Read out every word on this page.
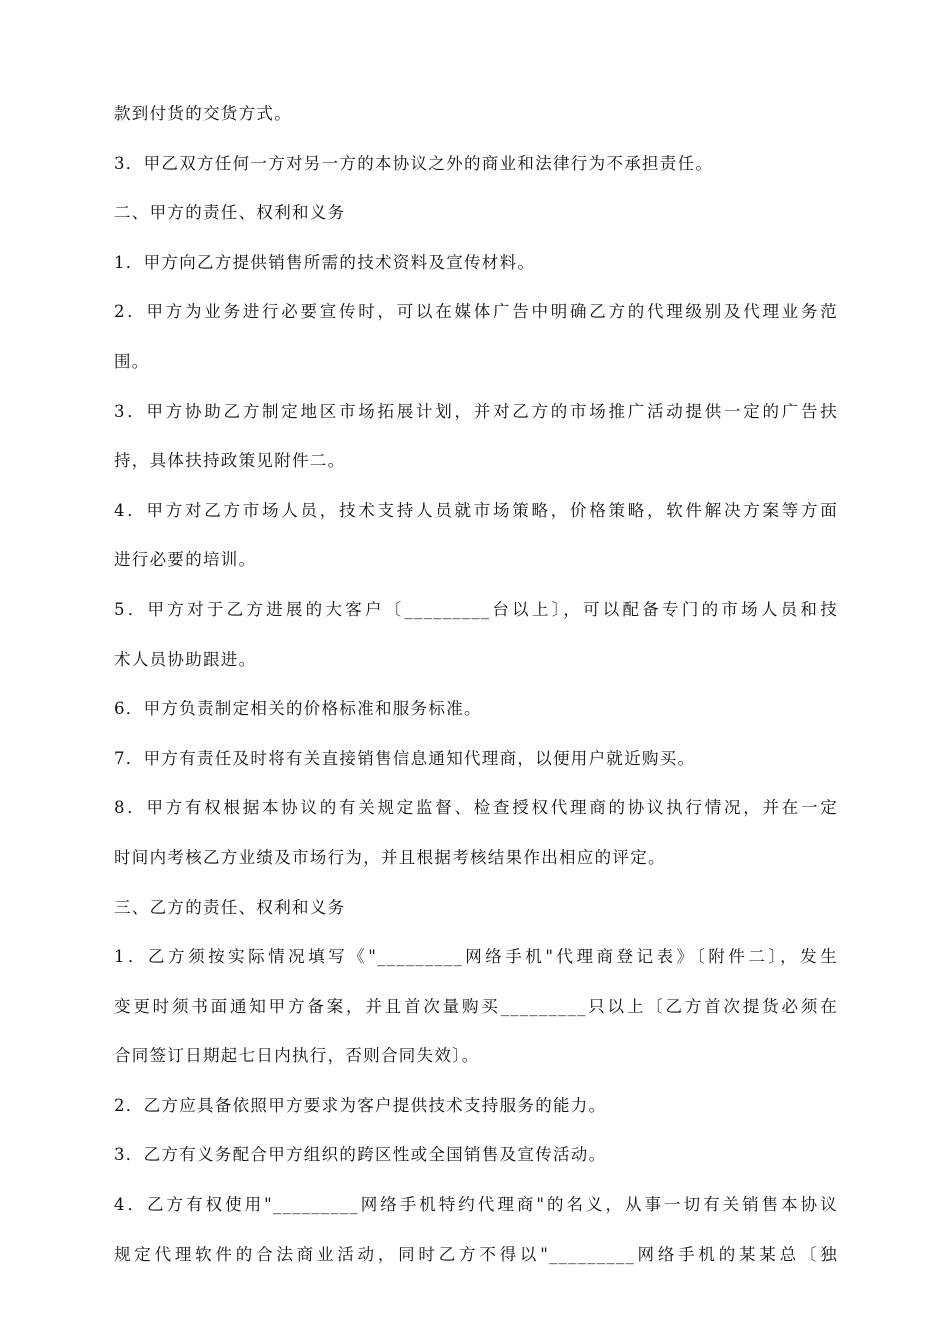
款到付货的交货方式。
3．甲乙双方任何一方对另一方的本协议之外的商业和法律行为不承担责任。
二、甲方的责任、权利和义务
1．甲方向乙方提供销售所需的技术资料及宣传材料。
2．甲方为业务进行必要宣传时，可以在媒体广告中明确乙方的代理级别及代理业务范
围。
3．甲方协助乙方制定地区市场拓展计划，并对乙方的市场推广活动提供一定的广告扶
持，具体扶持政策见附件二。
4．甲方对乙方市场人员，技术支持人员就市场策略，价格策略，软件解决方案等方面
进行必要的培训。
5．甲方对于乙方进展的大客户〔_________台以上〕，可以配备专门的市场人员和技
术人员协助跟进。
6．甲方负责制定相关的价格标准和服务标准。
7．甲方有责任及时将有关直接销售信息通知代理商，以便用户就近购买。
8．甲方有权根据本协议的有关规定监督、检查授权代理商的协议执行情况，并在一定
时间内考核乙方业绩及市场行为，并且根据考核结果作出相应的评定。
三、乙方的责任、权利和义务
1．乙方须按实际情况填写《"_________网络手机"代理商登记表》〔附件二〕，发生
变更时须书面通知甲方备案，并且首次量购买_________只以上〔乙方首次提货必须在
合同签订日期起七日内执行，否则合同失效〕。
2．乙方应具备依照甲方要求为客户提供技术支持服务的能力。
3．乙方有义务配合甲方组织的跨区性或全国销售及宣传活动。
4．乙方有权使用"_________网络手机特约代理商"的名义，从事一切有关销售本协议
规定代理软件的合法商业活动，同时乙方不得以"_________网络手机的某某总〔独
